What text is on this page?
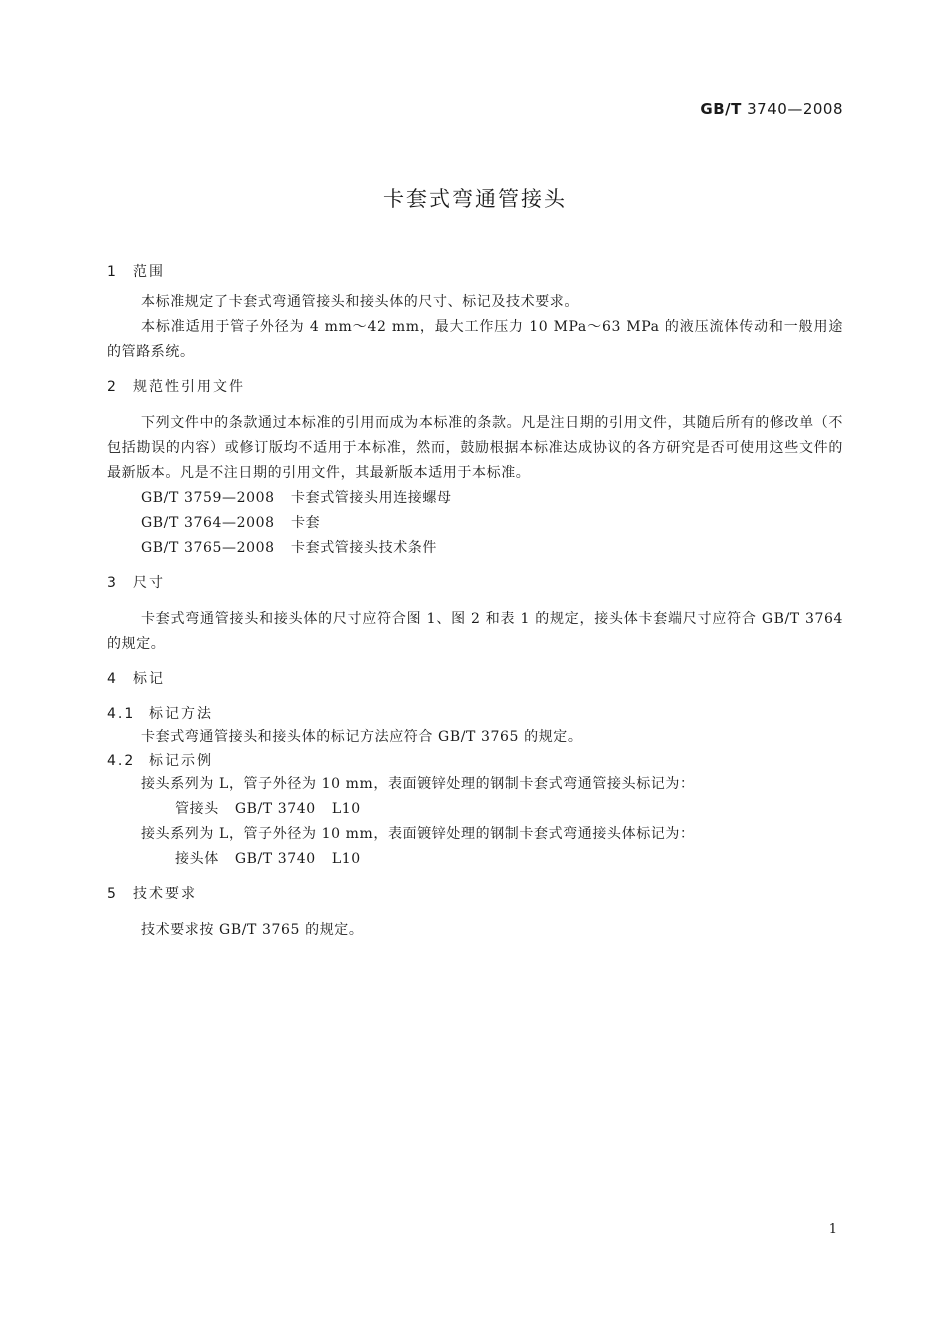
GB/T 3740—2008
卡套式弯通管接头
1 范围
本标准规定了卡套式弯通管接头和接头体的尺寸、标记及技术要求。
本标准适用于管子外径为 4 mm～42 mm，最大工作压力 10 MPa～63 MPa 的液压流体传动和一般用途的管路系统。
2 规范性引用文件
下列文件中的条款通过本标准的引用而成为本标准的条款。凡是注日期的引用文件，其随后所有的修改单（不包括勘误的内容）或修订版均不适用于本标准，然而，鼓励根据本标准达成协议的各方研究是否可使用这些文件的最新版本。凡是不注日期的引用文件，其最新版本适用于本标准。
GB/T 3759—2008 卡套式管接头用连接螺母
GB/T 3764—2008 卡套
GB/T 3765—2008 卡套式管接头技术条件
3 尺寸
卡套式弯通管接头和接头体的尺寸应符合图 1、图 2 和表 1 的规定，接头体卡套端尺寸应符合 GB/T 3764 的规定。
4 标记
4.1 标记方法
卡套式弯通管接头和接头体的标记方法应符合 GB/T 3765 的规定。
4.2 标记示例
接头系列为 L，管子外径为 10 mm，表面镀锌处理的钢制卡套式弯通管接头标记为：
管接头 GB/T 3740 L10
接头系列为 L，管子外径为 10 mm，表面镀锌处理的钢制卡套式弯通接头体标记为：
接头体 GB/T 3740 L10
5 技术要求
技术要求按 GB/T 3765 的规定。
1
